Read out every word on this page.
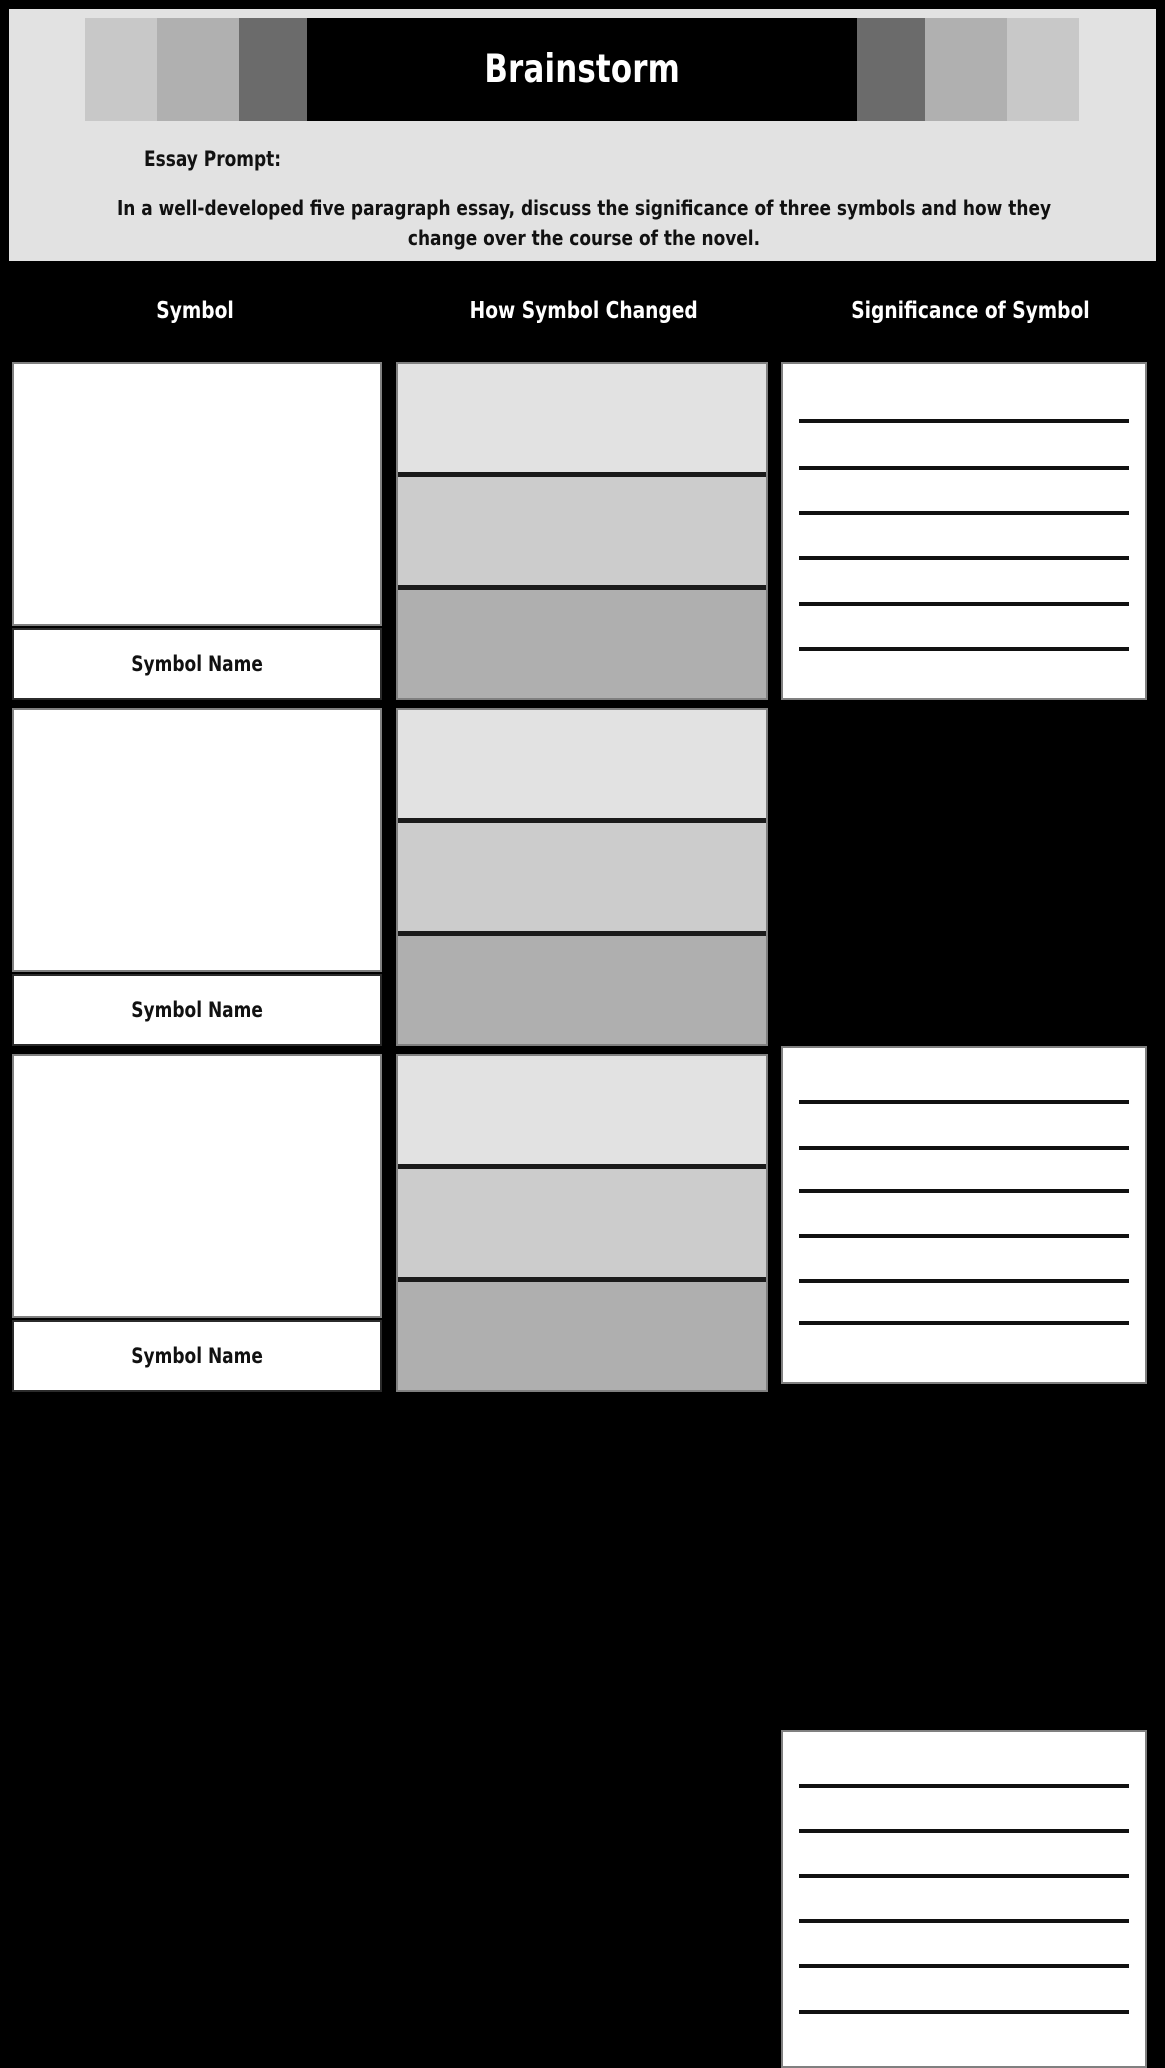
Brainstorm
Essay Prompt:
In a well-developed five paragraph essay, discuss the significance of three symbols and how they change over the course of the novel.
Symbol	How Symbol Changed	Significance of Symbol
Symbol Name
Symbol Name
Symbol Name
